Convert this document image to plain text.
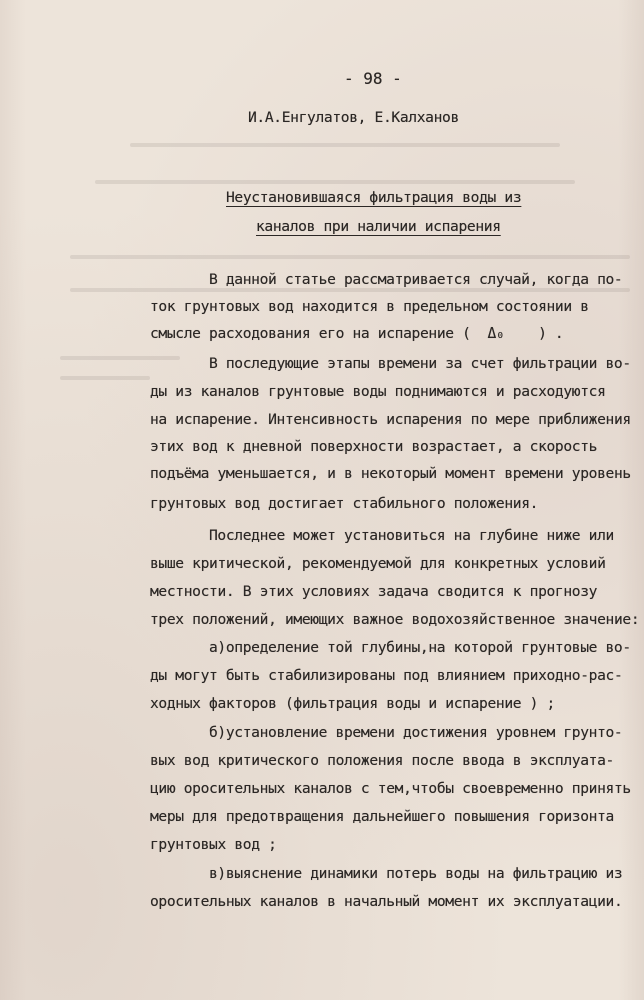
- 98 -
И.А.Енгулатов, Е.Калханов
Неустановившаяся фильтрация воды из
каналов при наличии испарения
В данной статье рассматривается случай, когда по-
ток грунтовых вод находится в предельном состоянии в
смысле расходования его на испарение (  Δ₀    ) .
В последующие этапы времени за счет фильтрации во-
ды из каналов грунтовые воды поднимаются и расходуются
на испарение. Интенсивность испарения по мере приближения
этих вод к дневной поверхности возрастает, а скорость
подъёма уменьшается, и в некоторый момент времени уровень
грунтовых вод достигает стабильного положения.
Последнее может установиться на глубине ниже или
выше критической, рекомендуемой для конкретных условий
местности. В этих условиях задача сводится к прогнозу
трех положений, имеющих важное водохозяйственное значение:
а)определение той глубины,на которой грунтовые во-
ды могут быть стабилизированы под влиянием приходно-рас-
ходных факторов (фильтрация воды и испарение ) ;
б)установление времени достижения уровнем грунто-
вых вод критического положения после ввода в эксплуата-
цию оросительных каналов с тем,чтобы своевременно принять
меры для предотвращения дальнейшего повышения горизонта
грунтовых вод ;
в)выяснение динамики потерь воды на фильтрацию из
оросительных каналов в начальный момент их эксплуатации.
